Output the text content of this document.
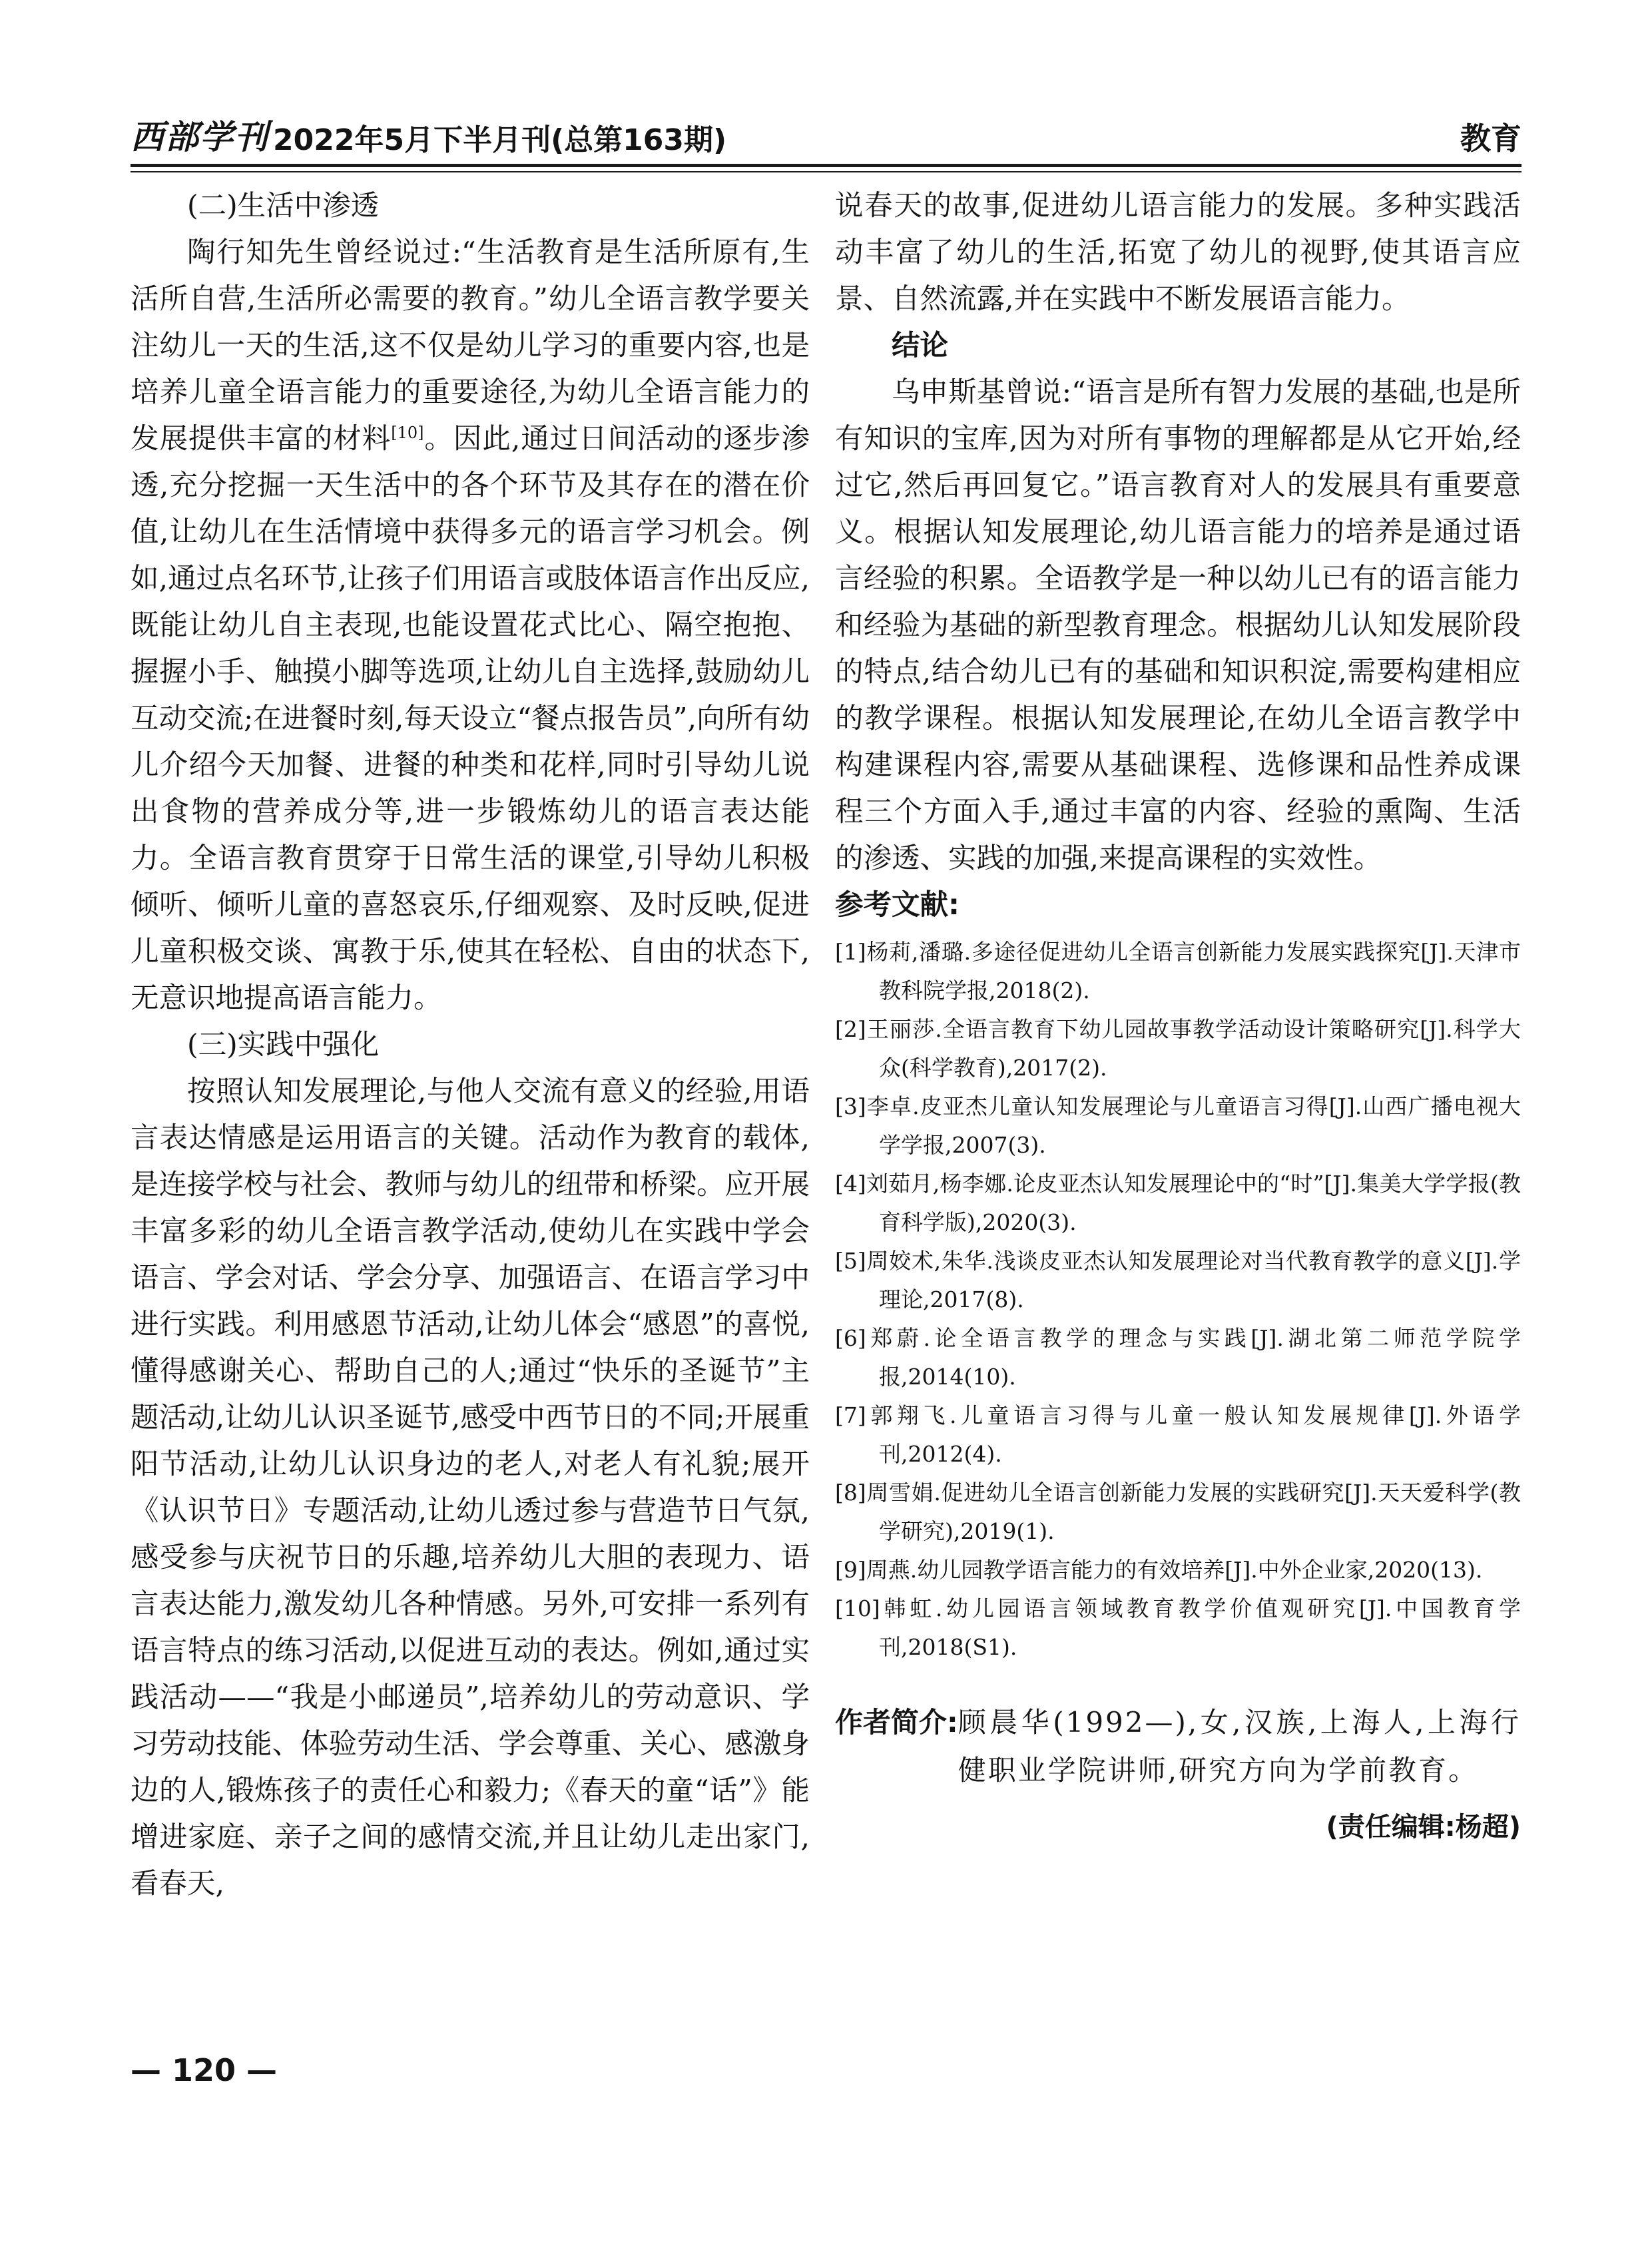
西部学刊 2022年5月下半月刊(总第163期)	教育

(二)生活中渗透

陶行知先生曾经说过:“生活教育是生活所原有,生活所自营,生活所必需要的教育。”幼儿全语言教学要关注幼儿一天的生活,这不仅是幼儿学习的重要内容,也是培养儿童全语言能力的重要途径,为幼儿全语言能力的发展提供丰富的材料[10]。因此,通过日间活动的逐步渗透,充分挖掘一天生活中的各个环节及其存在的潜在价值,让幼儿在生活情境中获得多元的语言学习机会。例如,通过点名环节,让孩子们用语言或肢体语言作出反应,既能让幼儿自主表现,也能设置花式比心、隔空抱抱、握握小手、触摸小脚等选项,让幼儿自主选择,鼓励幼儿互动交流;在进餐时刻,每天设立“餐点报告员”,向所有幼儿介绍今天加餐、进餐的种类和花样,同时引导幼儿说出食物的营养成分等,进一步锻炼幼儿的语言表达能力。全语言教育贯穿于日常生活的课堂,引导幼儿积极倾听、倾听儿童的喜怒哀乐,仔细观察、及时反映,促进儿童积极交谈、寓教于乐,使其在轻松、自由的状态下,无意识地提高语言能力。

(三)实践中强化

按照认知发展理论,与他人交流有意义的经验,用语言表达情感是运用语言的关键。活动作为教育的载体,是连接学校与社会、教师与幼儿的纽带和桥梁。应开展丰富多彩的幼儿全语言教学活动,使幼儿在实践中学会语言、学会对话、学会分享、加强语言、在语言学习中进行实践。利用感恩节活动,让幼儿体会“感恩”的喜悦,懂得感谢关心、帮助自己的人;通过“快乐的圣诞节”主题活动,让幼儿认识圣诞节,感受中西节日的不同;开展重阳节活动,让幼儿认识身边的老人,对老人有礼貌;展开《认识节日》专题活动,让幼儿透过参与营造节日气氛,感受参与庆祝节日的乐趣,培养幼儿大胆的表现力、语言表达能力,激发幼儿各种情感。另外,可安排一系列有语言特点的练习活动,以促进互动的表达。例如,通过实践活动——“我是小邮递员”,培养幼儿的劳动意识、学习劳动技能、体验劳动生活、学会尊重、关心、感激身边的人,锻炼孩子的责任心和毅力;《春天的童“话”》能增进家庭、亲子之间的感情交流,并且让幼儿走出家门,看春天,

说春天的故事,促进幼儿语言能力的发展。多种实践活动丰富了幼儿的生活,拓宽了幼儿的视野,使其语言应景、自然流露,并在实践中不断发展语言能力。

结论

乌申斯基曾说:“语言是所有智力发展的基础,也是所有知识的宝库,因为对所有事物的理解都是从它开始,经过它,然后再回复它。”语言教育对人的发展具有重要意义。根据认知发展理论,幼儿语言能力的培养是通过语言经验的积累。全语教学是一种以幼儿已有的语言能力和经验为基础的新型教育理念。根据幼儿认知发展阶段的特点,结合幼儿已有的基础和知识积淀,需要构建相应的教学课程。根据认知发展理论,在幼儿全语言教学中构建课程内容,需要从基础课程、选修课和品性养成课程三个方面入手,通过丰富的内容、经验的熏陶、生活的渗透、实践的加强,来提高课程的实效性。

参考文献:

[1]杨莉,潘璐.多途径促进幼儿全语言创新能力发展实践探究[J].天津市教科院学报,2018(2).
[2]王丽莎.全语言教育下幼儿园故事教学活动设计策略研究[J].科学大众(科学教育),2017(2).
[3]李卓.皮亚杰儿童认知发展理论与儿童语言习得[J].山西广播电视大学学报,2007(3).
[4]刘茹月,杨李娜.论皮亚杰认知发展理论中的“时”[J].集美大学学报(教育科学版),2020(3).
[5]周姣术,朱华.浅谈皮亚杰认知发展理论对当代教育教学的意义[J].学理论,2017(8).
[6]郑蔚.论全语言教学的理念与实践[J].湖北第二师范学院学报,2014(10).
[7]郭翔飞.儿童语言习得与儿童一般认知发展规律[J].外语学刊,2012(4).
[8]周雪娟.促进幼儿全语言创新能力发展的实践研究[J].天天爱科学(教学研究),2019(1).
[9]周燕.幼儿园教学语言能力的有效培养[J].中外企业家,2020(13).
[10]韩虹.幼儿园语言领域教育教学价值观研究[J].中国教育学刊,2018(S1).
作者简介: 顾晨华(1992—),女,汉族,上海人,上海行健职业学院讲师,研究方向为学前教育。
(责任编辑:杨超)
— 120 —
